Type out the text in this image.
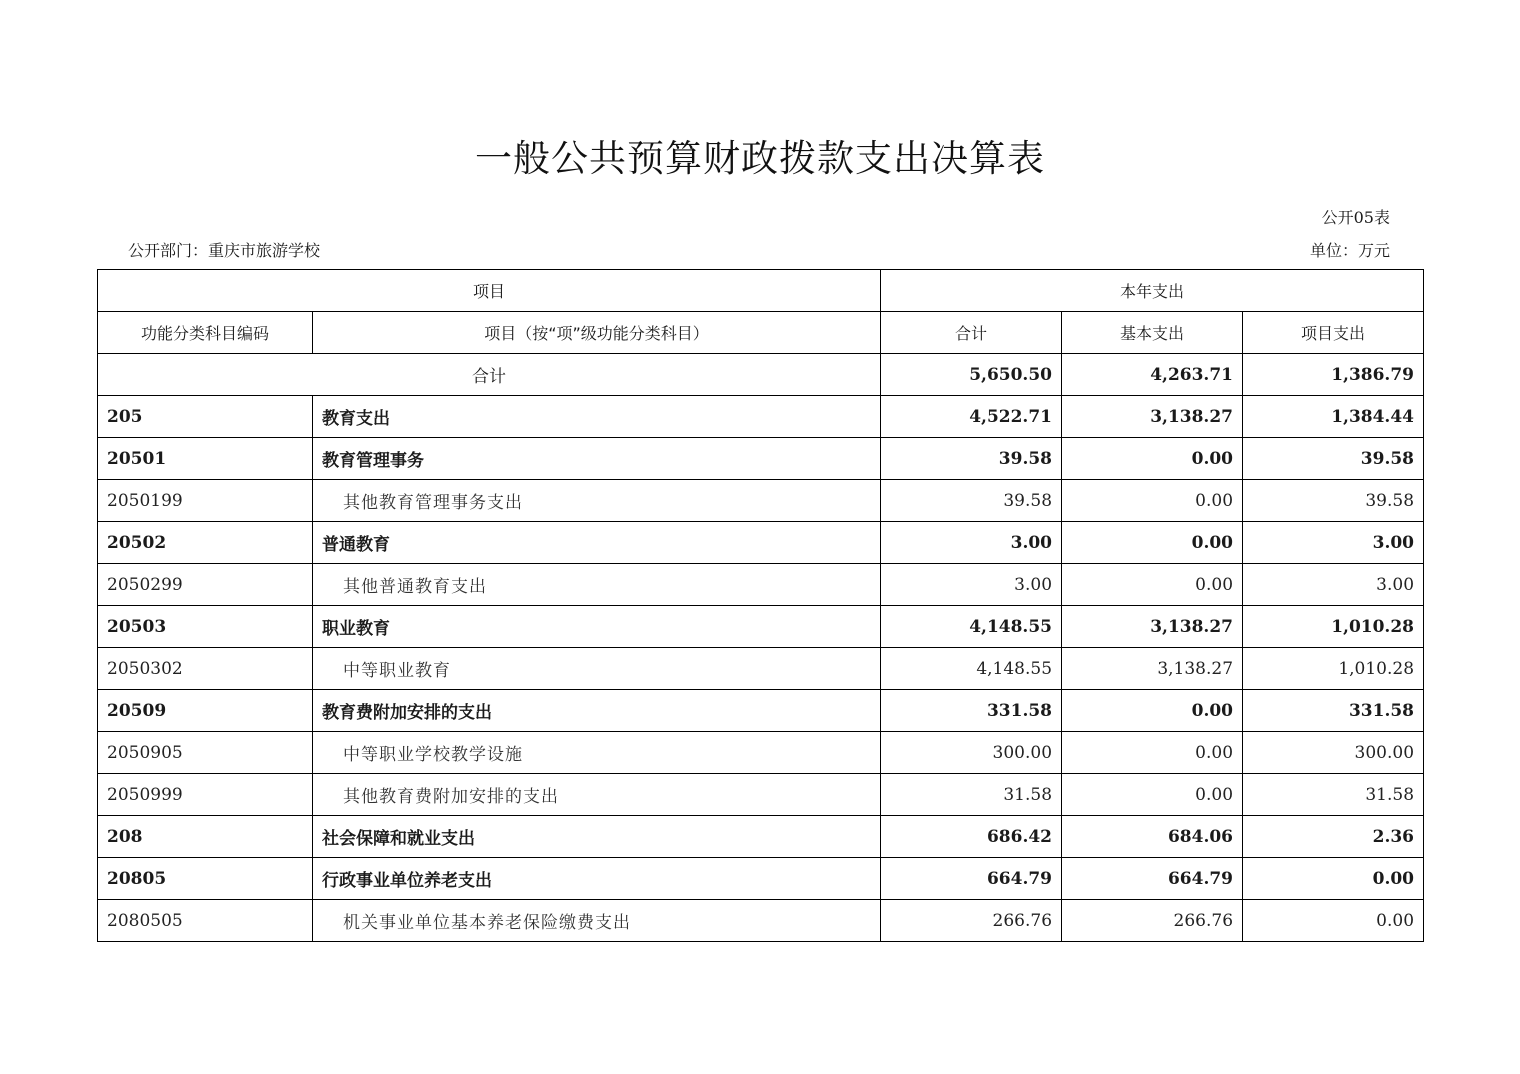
一般公共预算财政拨款支出决算表
公开05表
公开部门：重庆市旅游学校	单位：万元
项目		本年支出		
功能分类科目编码	项目（按“项”级功能分类科目）	合计	基本支出	项目支出
合计		5,650.50	4,263.71	1,386.79
205	教育支出	4,522.71	3,138.27	1,384.44
20501	教育管理事务	39.58	0.00	39.58
2050199	其他教育管理事务支出	39.58	0.00	39.58
20502	普通教育	3.00	0.00	3.00
2050299	其他普通教育支出	3.00	0.00	3.00
20503	职业教育	4,148.55	3,138.27	1,010.28
2050302	中等职业教育	4,148.55	3,138.27	1,010.28
20509	教育费附加安排的支出	331.58	0.00	331.58
2050905	中等职业学校教学设施	300.00	0.00	300.00
2050999	其他教育费附加安排的支出	31.58	0.00	31.58
208	社会保障和就业支出	686.42	684.06	2.36
20805	行政事业单位养老支出	664.79	664.79	0.00
2080505	机关事业单位基本养老保险缴费支出	266.76	266.76	0.00
